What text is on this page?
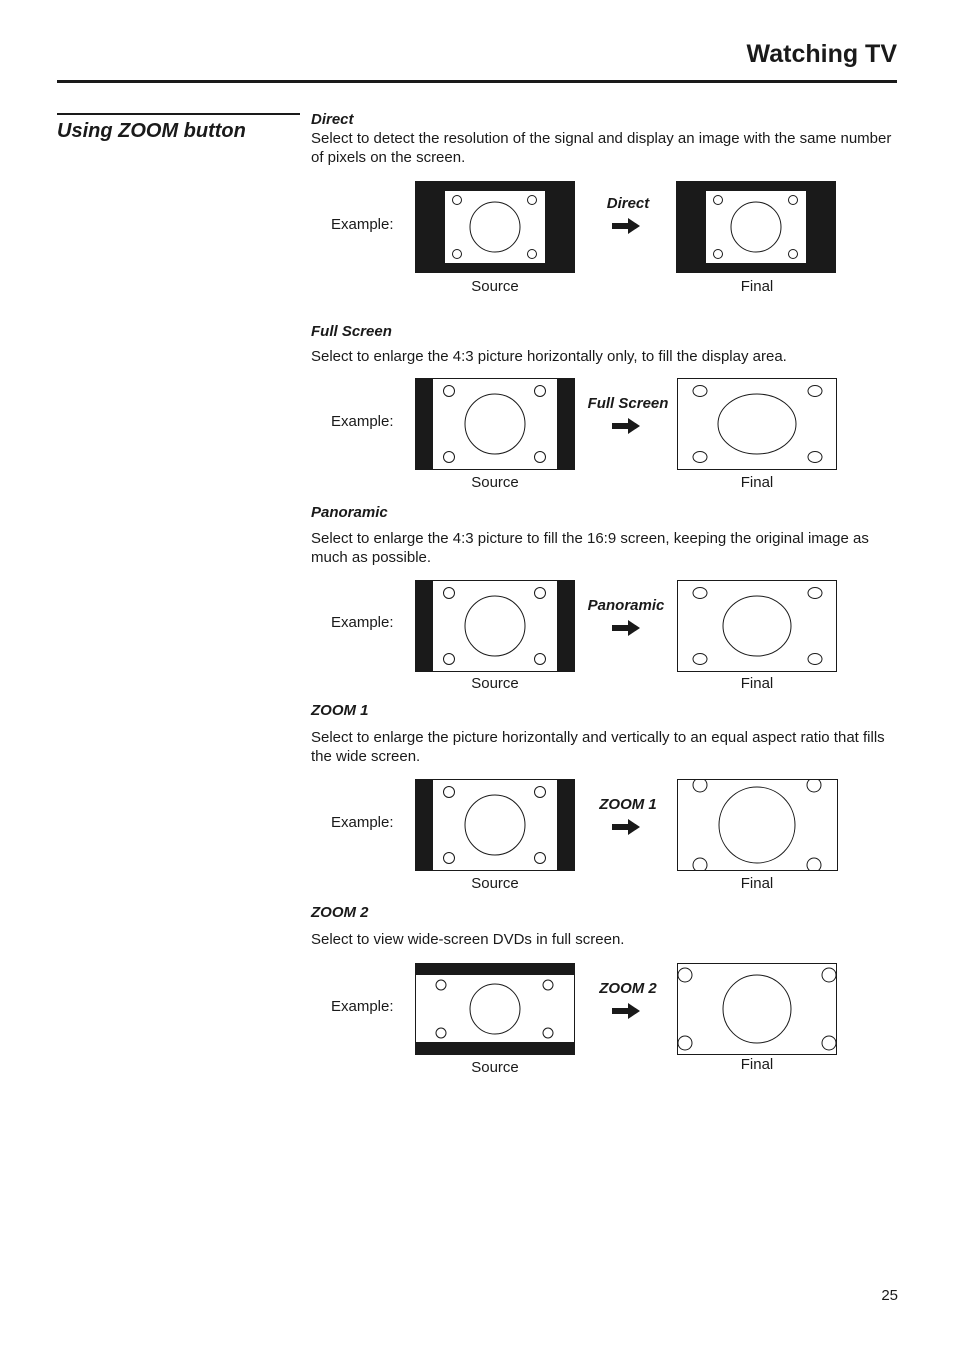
Watching TV
Using ZOOM button
Direct

Select to detect the resolution of the signal and display an image with the same number of pixels on the screen.

Example:
Direct
Source	Final
Full Screen

Select to enlarge the 4:3 picture horizontally only, to fill the display area.

Example:
Full Screen
Source	Final
Panoramic

Select to enlarge the 4:3 picture to fill the 16:9 screen, keeping the original image as much as possible.

Example:
Panoramic
Source	Final
ZOOM 1

Select to enlarge the picture horizontally and vertically to an equal aspect ratio that fills the wide screen.

Example:
ZOOM 1
Source	Final
ZOOM 2

Select to view wide-screen DVDs in full screen.

Example:
ZOOM 2
Source	Final
25
